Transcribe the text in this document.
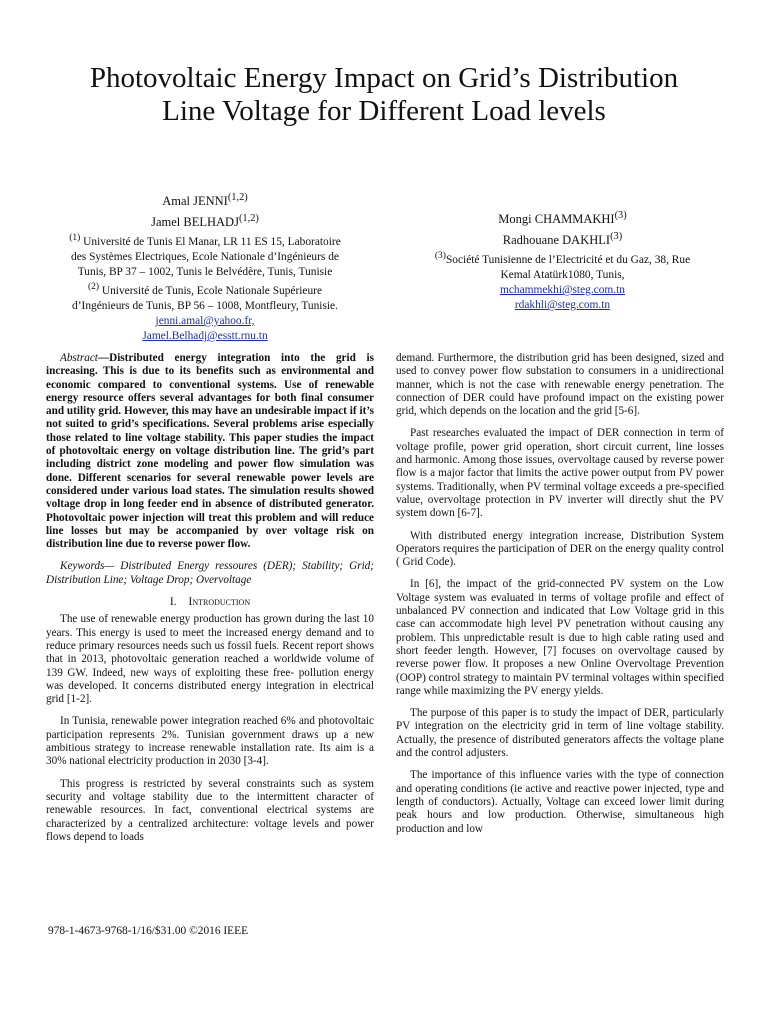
Photovoltaic Energy Impact on Grid’s Distribution
Line Voltage for Different Load levels
Amal JENNI$^{(1,2)}$
Jamel BELHADJ$^{(1,2)}$
$^{(1)}$ Université de Tunis El Manar, LR 11 ES 15, Laboratoire
des Systèmes Electriques, Ecole Nationale d’Ingénieurs de
Tunis, BP 37 – 1002, Tunis le Belvédère, Tunis, Tunisie
$^{(2)}$ Université de Tunis, Ecole Nationale Supérieure
d’Ingénieurs de Tunis, BP 56 – 1008, Montfleury, Tunisie.
jenni.amal@yahoo.fr,
Jamel.Belhadj@esstt.rnu.tn
Mongi CHAMMAKHI$^{(3)}$
Radhouane DAKHLI$^{(3)}$
$^{(3)}$Société Tunisienne de l’Electricité et du Gaz, 38, Rue
Kemal Atatürk1080, Tunis,
mchammekhi@steg.com.tn
rdakhli@steg.com.tn

Abstract—Distributed energy integration into the grid is increasing. This is due to its benefits such as environmental and economic compared to conventional systems. Use of renewable energy resource offers several advantages for both final consumer and utility grid. However, this may have an undesirable impact if it’s not suited to grid’s specifications. Several problems arise especially those related to line voltage stability. This paper studies the impact of photovoltaic energy on voltage distribution line. The grid’s part including district zone modeling and power flow simulation was done. Different scenarios for several renewable power levels are considered under various load states. The simulation results showed voltage drop in long feeder end in absence of distributed generator. Photovoltaic power injection will treat this problem and will reduce line losses but may be accompanied by over voltage risk on distribution line due to reverse power flow.

Keywords— Distributed Energy ressoures (DER); Stability; Grid; Distribution Line; Voltage Drop; Overvoltage

I. Introduction

The use of renewable energy production has grown during the last 10 years. This energy is used to meet the increased energy demand and to reduce primary resources needs such us fossil fuels. Recent report shows that in 2013, photovoltaic generation reached a worldwide volume of 139 GW. Indeed, new ways of exploiting these free- pollution energy was developed. It concerns distributed energy integration in electrical grid [1-2].

In Tunisia, renewable power integration reached 6% and photovoltaic participation represents 2%. Tunisian government draws up a new ambitious strategy to increase renewable installation rate. Its aim is a 30% national electricity production in 2030 [3-4].

This progress is restricted by several constraints such as system security and voltage stability due to the intermittent character of renewable resources. In fact, conventional electrical systems are characterized by a centralized architecture: voltage levels and power flows depend to loads

demand. Furthermore, the distribution grid has been designed, sized and used to convey power flow substation to consumers in a unidirectional manner, which is not the case with renewable energy penetration. The connection of DER could have profound impact on the existing power grid, which depends on the location and the grid [5-6].

Past researches evaluated the impact of DER connection in term of voltage profile, power grid operation, short circuit current, line losses and harmonic. Among those issues, overvoltage caused by reverse power flow is a major factor that limits the active power output from PV power systems. Traditionally, when PV terminal voltage exceeds a pre-specified value, overvoltage protection in PV inverter will directly shut the PV system down [6-7].

With distributed energy integration increase, Distribution System Operators requires the participation of DER on the energy quality control ( Grid Code).

In [6], the impact of the grid-connected PV system on the Low Voltage system was evaluated in terms of voltage profile and effect of unbalanced PV connection and indicated that Low Voltage grid in this case can accommodate high level PV penetration without causing any problem. This unpredictable result is due to high cable rating used and short feeder length. However, [7] focuses on overvoltage caused by reverse power flow. It proposes a new Online Overvoltage Prevention (OOP) control strategy to maintain PV terminal voltages within specified range while maximizing the PV energy yields.

The purpose of this paper is to study the impact of DER, particularly PV integration on the electricity grid in term of line voltage stability. Actually, the presence of distributed generators affects the voltage plane and the control adjusters.

The importance of this influence varies with the type of connection and operating conditions (ie active and reactive power injected, type and length of conductors). Actually, Voltage can exceed lower limit during peak hours and low production. Otherwise, simultaneous high production and low

978-1-4673-9768-1/16/$31.00 ©2016 IEEE
